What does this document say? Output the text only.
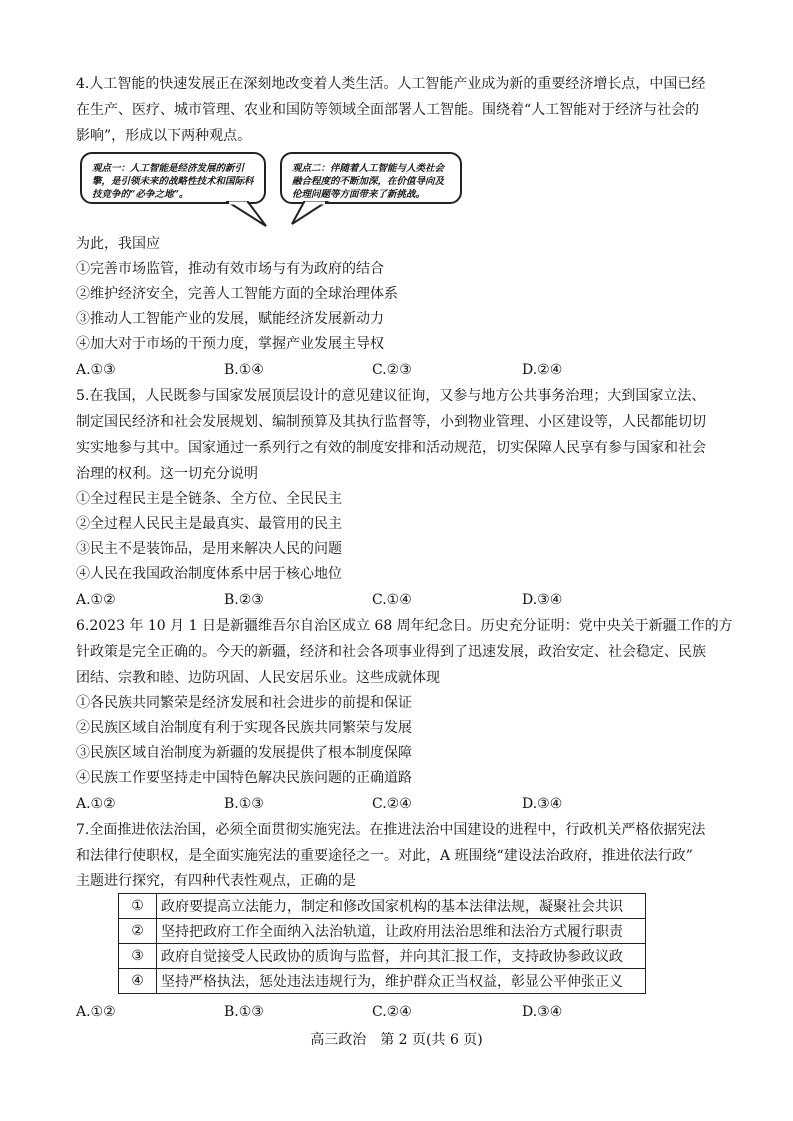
4.人工智能的快速发展正在深刻地改变着人类生活。人工智能产业成为新的重要经济增长点，中国已经
在生产、医疗、城市管理、农业和国防等领域全面部署人工智能。围绕着“人工智能对于经济与社会的
影响”，形成以下两种观点。
观点一：人工智能是经济发展的新引擎，是引领未来的战略性技术和国际科技竞争的“必争之地”。
观点二：伴随着人工智能与人类社会融合程度的不断加深，在价值导向及伦理问题等方面带来了新挑战。
为此，我国应
①完善市场监管，推动有效市场与有为政府的结合
②维护经济安全，完善人工智能方面的全球治理体系
③推动人工智能产业的发展，赋能经济发展新动力
④加大对于市场的干预力度，掌握产业发展主导权
A.①③	B.①④	C.②③	D.②④
5.在我国，人民既参与国家发展顶层设计的意见建议征询，又参与地方公共事务治理；大到国家立法、
制定国民经济和社会发展规划、编制预算及其执行监督等，小到物业管理、小区建设等，人民都能切切
实实地参与其中。国家通过一系列行之有效的制度安排和活动规范，切实保障人民享有参与国家和社会
治理的权利。这一切充分说明
①全过程民主是全链条、全方位、全民民主
②全过程人民民主是最真实、最管用的民主
③民主不是装饰品，是用来解决人民的问题
④人民在我国政治制度体系中居于核心地位
A.①②	B.②③	C.①④	D.③④
6.2023 年 10 月 1 日是新疆维吾尔自治区成立 68 周年纪念日。历史充分证明：党中央关于新疆工作的方
针政策是完全正确的。今天的新疆，经济和社会各项事业得到了迅速发展，政治安定、社会稳定、民族
团结、宗教和睦、边防巩固、人民安居乐业。这些成就体现
①各民族共同繁荣是经济发展和社会进步的前提和保证
②民族区域自治制度有利于实现各民族共同繁荣与发展
③民族区域自治制度为新疆的发展提供了根本制度保障
④民族工作要坚持走中国特色解决民族问题的正确道路
A.①②	B.①③	C.②④	D.③④
7.全面推进依法治国，必须全面贯彻实施宪法。在推进法治中国建设的进程中，行政机关严格依据宪法
和法律行使职权，是全面实施宪法的重要途径之一。对此，A 班围绕“建设法治政府，推进依法行政”
主题进行探究，有四种代表性观点，正确的是
①	政府要提高立法能力，制定和修改国家机构的基本法律法规，凝聚社会共识
②	坚持把政府工作全面纳入法治轨道，让政府用法治思维和法治方式履行职责
③	政府自觉接受人民政协的质询与监督，并向其汇报工作，支持政协参政议政
④	坚持严格执法，惩处违法违规行为，维护群众正当权益，彰显公平伸张正义
A.①②	B.①③	C.②④	D.③④
高三政治　第 2 页(共 6 页)
